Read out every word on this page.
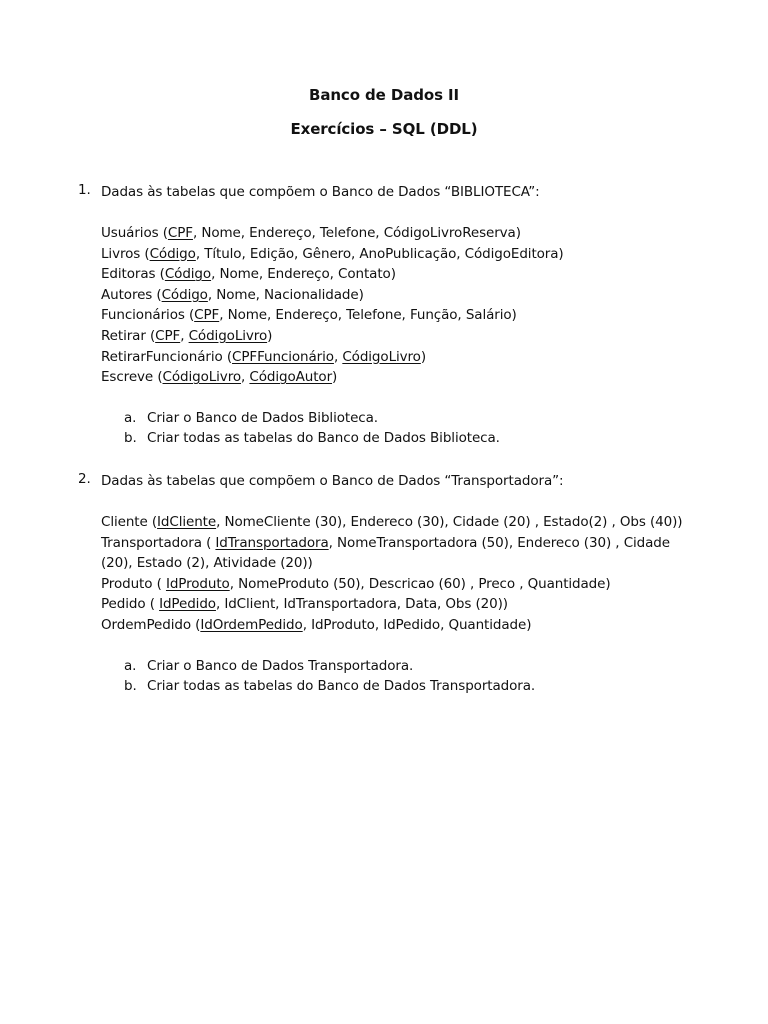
Banco de Dados II
Exercícios – SQL (DDL)
1. Dadas às tabelas que compõem o Banco de Dados “BIBLIOTECA”:
Usuários (CPF, Nome, Endereço, Telefone, CódigoLivroReserva)
Livros (Código, Título, Edição, Gênero, AnoPublicação, CódigoEditora)
Editoras (Código, Nome, Endereço, Contato)
Autores (Código, Nome, Nacionalidade)
Funcionários (CPF, Nome, Endereço, Telefone, Função, Salário)
Retirar (CPF, CódigoLivro)
RetirarFuncionário (CPFFuncionário, CódigoLivro)
Escreve (CódigoLivro, CódigoAutor)
a. Criar o Banco de Dados Biblioteca.
b. Criar todas as tabelas do Banco de Dados Biblioteca.
2. Dadas às tabelas que compõem o Banco de Dados “Transportadora”:
Cliente (IdCliente, NomeCliente (30), Endereco (30), Cidade (20) , Estado(2) , Obs (40))
Transportadora ( IdTransportadora, NomeTransportadora (50), Endereco (30) , Cidade (20), Estado (2), Atividade (20))
Produto ( IdProduto, NomeProduto (50), Descricao (60) , Preco , Quantidade)
Pedido ( IdPedido, IdClient, IdTransportadora, Data, Obs (20))
OrdemPedido (IdOrdemPedido, IdProduto, IdPedido, Quantidade)
a. Criar o Banco de Dados Transportadora.
b. Criar todas as tabelas do Banco de Dados Transportadora.
